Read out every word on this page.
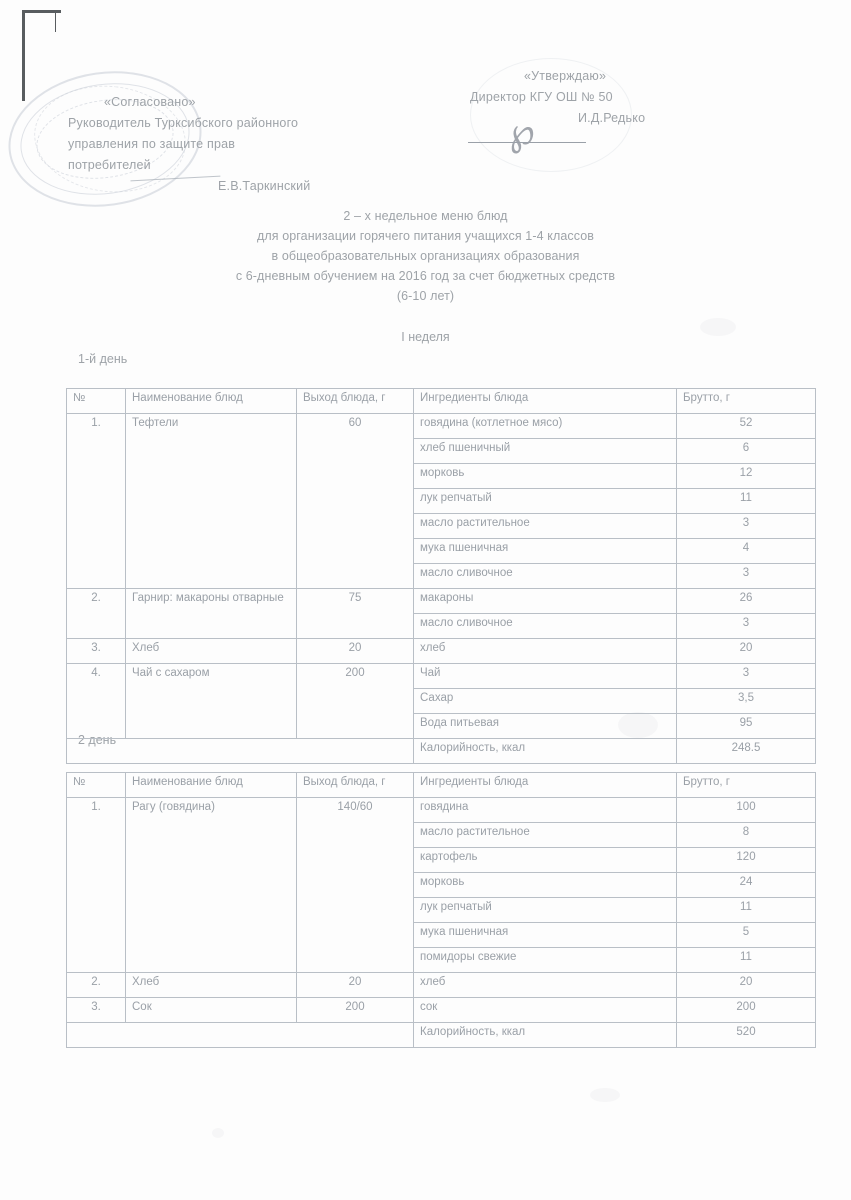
«Согласовано»
Руководитель Турксибского районного
управления по защите прав
потребителей
Е.В.Таркинский
«Утверждаю»
Директор КГУ ОШ № 50
И.Д.Редько
℘
2 – х недельное меню блюд
для организации горячего питания учащихся 1-4 классов
в общеобразовательных организациях образования
с 6-дневным обучением на 2016 год за счет бюджетных средств
(6-10 лет)
I неделя
1-й день
2 день
№	Наименование блюд	Выход блюда, г	Ингредиенты блюда	Брутто, г
1.	Тефтели	60	говядина (котлетное мясо)	52
			хлеб пшеничный	6
			морковь	12
			лук репчатый	11
			масло растительное	3
			мука пшеничная	4
			масло сливочное	3
2.	Гарнир: макароны отварные	75	макароны	26
			масло сливочное	3
3.	Хлеб	20	хлеб	20
4.	Чай с сахаром	200	Чай	3
			Сахар	3,5
			Вода питьевая	95
			Калорийность, ккал	248.5
№	Наименование блюд	Выход блюда, г	Ингредиенты блюда	Брутто, г
1.	Рагу (говядина)	140/60	говядина	100
			масло растительное	8
			картофель	120
			морковь	24
			лук репчатый	11
			мука пшеничная	5
			помидоры свежие	11
2.	Хлеб	20	хлеб	20
3.	Сок	200	сок	200
			Калорийность, ккал	520
